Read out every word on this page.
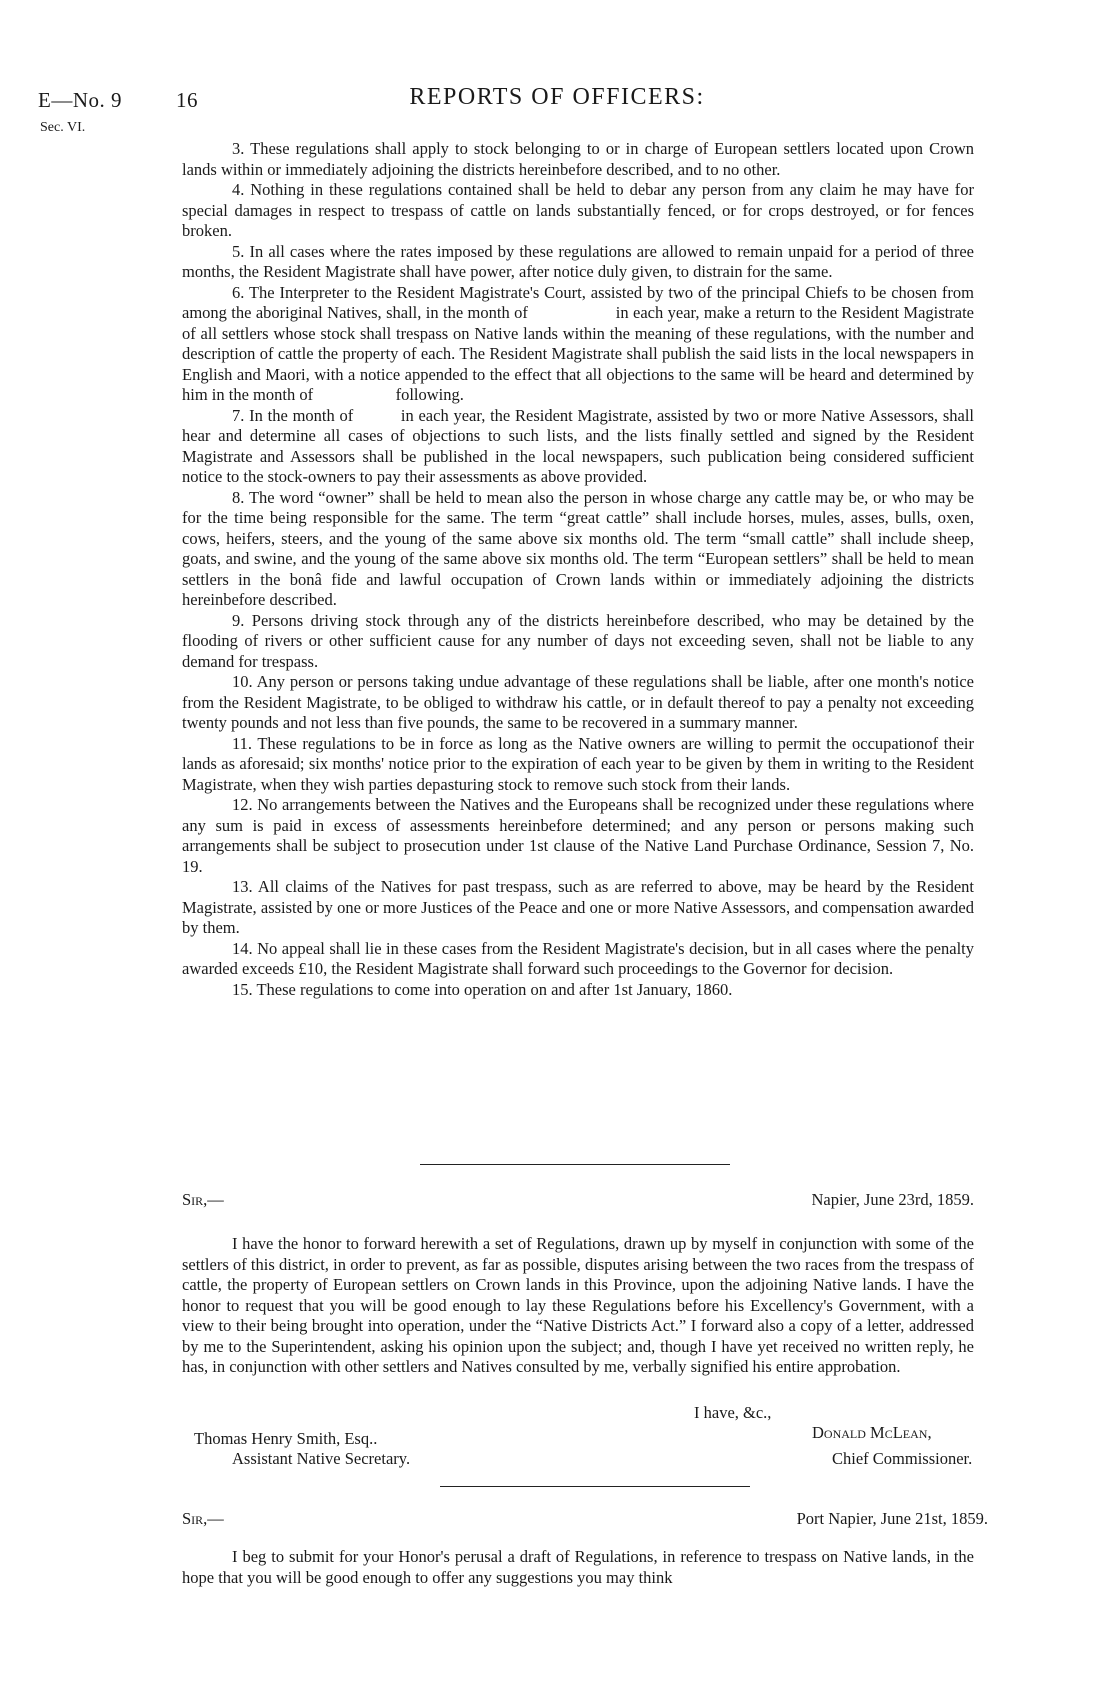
E—No. 9
Sec. VI.
16	REPORTS OF OFFICERS:

3. These regulations shall apply to stock belonging to or in charge of European settlers located upon Crown lands within or immediately adjoining the districts hereinbefore described, and to no other.

4. Nothing in these regulations contained shall be held to debar any person from any claim he may have for special damages in respect to trespass of cattle on lands substantially fenced, or for crops destroyed, or for fences broken.

5. In all cases where the rates imposed by these regulations are allowed to remain unpaid for a period of three months, the Resident Magistrate shall have power, after notice duly given, to distrain for the same.

6. The Interpreter to the Resident Magistrate's Court, assisted by two of the principal Chiefs to be chosen from among the aboriginal Natives, shall, in the month of                    in each year, make a return to the Resident Magistrate of all settlers whose stock shall trespass on Native lands within the meaning of these regulations, with the number and description of cattle the property of each. The Resident Magistrate shall publish the said lists in the local newspapers in English and Maori, with a notice appended to the effect that all objections to the same will be heard and determined by him in the month of                    following.

7. In the month of          in each year, the Resident Magistrate, assisted by two or more Native Assessors, shall hear and determine all cases of objections to such lists, and the lists finally settled and signed by the Resident Magistrate and Assessors shall be published in the local newspapers, such publication being considered sufficient notice to the stock-owners to pay their assessments as above provided.

8. The word “owner” shall be held to mean also the person in whose charge any cattle may be, or who may be for the time being responsible for the same. The term “great cattle” shall include horses, mules, asses, bulls, oxen, cows, heifers, steers, and the young of the same above six months old. The term “small cattle” shall include sheep, goats, and swine, and the young of the same above six months old. The term “European settlers” shall be held to mean settlers in the bonâ fide and lawful occupation of Crown lands within or immediately adjoining the districts hereinbefore described.

9. Persons driving stock through any of the districts hereinbefore described, who may be detained by the flooding of rivers or other sufficient cause for any number of days not exceeding seven, shall not be liable to any demand for trespass.

10. Any person or persons taking undue advantage of these regulations shall be liable, after one month's notice from the Resident Magistrate, to be obliged to withdraw his cattle, or in default thereof to pay a penalty not exceeding twenty pounds and not less than five pounds, the same to be recovered in a summary manner.

11. These regulations to be in force as long as the Native owners are willing to permit the occupationof their lands as aforesaid; six months' notice prior to the expiration of each year to be given by them in writing to the Resident Magistrate, when they wish parties depasturing stock to remove such stock from their lands.

12. No arrangements between the Natives and the Europeans shall be recognized under these regulations where any sum is paid in excess of assessments hereinbefore determined; and any person or persons making such arrangements shall be subject to prosecution under 1st clause of the Native Land Purchase Ordinance, Session 7, No. 19.

13. All claims of the Natives for past trespass, such as are referred to above, may be heard by the Resident Magistrate, assisted by one or more Justices of the Peace and one or more Native Assessors, and compensation awarded by them.

14. No appeal shall lie in these cases from the Resident Magistrate's decision, but in all cases where the penalty awarded exceeds £10, the Resident Magistrate shall forward such proceedings to the Governor for decision.

15. These regulations to come into operation on and after 1st January, 1860.

Sir,—	Napier, June 23rd, 1859.

I have the honor to forward herewith a set of Regulations, drawn up by myself in conjunction with some of the settlers of this district, in order to prevent, as far as possible, disputes arising between the two races from the trespass of cattle, the property of European settlers on Crown lands in this Province, upon the adjoining Native lands. I have the honor to request that you will be good enough to lay these Regulations before his Excellency's Government, with a view to their being brought into operation, under the “Native Districts Act.” I forward also a copy of a letter, addressed by me to the Superintendent, asking his opinion upon the subject; and, though I have yet received no written reply, he has, in conjunction with other settlers and Natives consulted by me, verbally signified his entire approbation.

I have, &c.,
Donald McLean,
Thomas Henry Smith, Esq..
Chief Commissioner.
Assistant Native Secretary.
Sir,—	Port Napier, June 21st, 1859.

I beg to submit for your Honor's perusal a draft of Regulations, in reference to trespass on Native lands, in the hope that you will be good enough to offer any suggestions you may think
